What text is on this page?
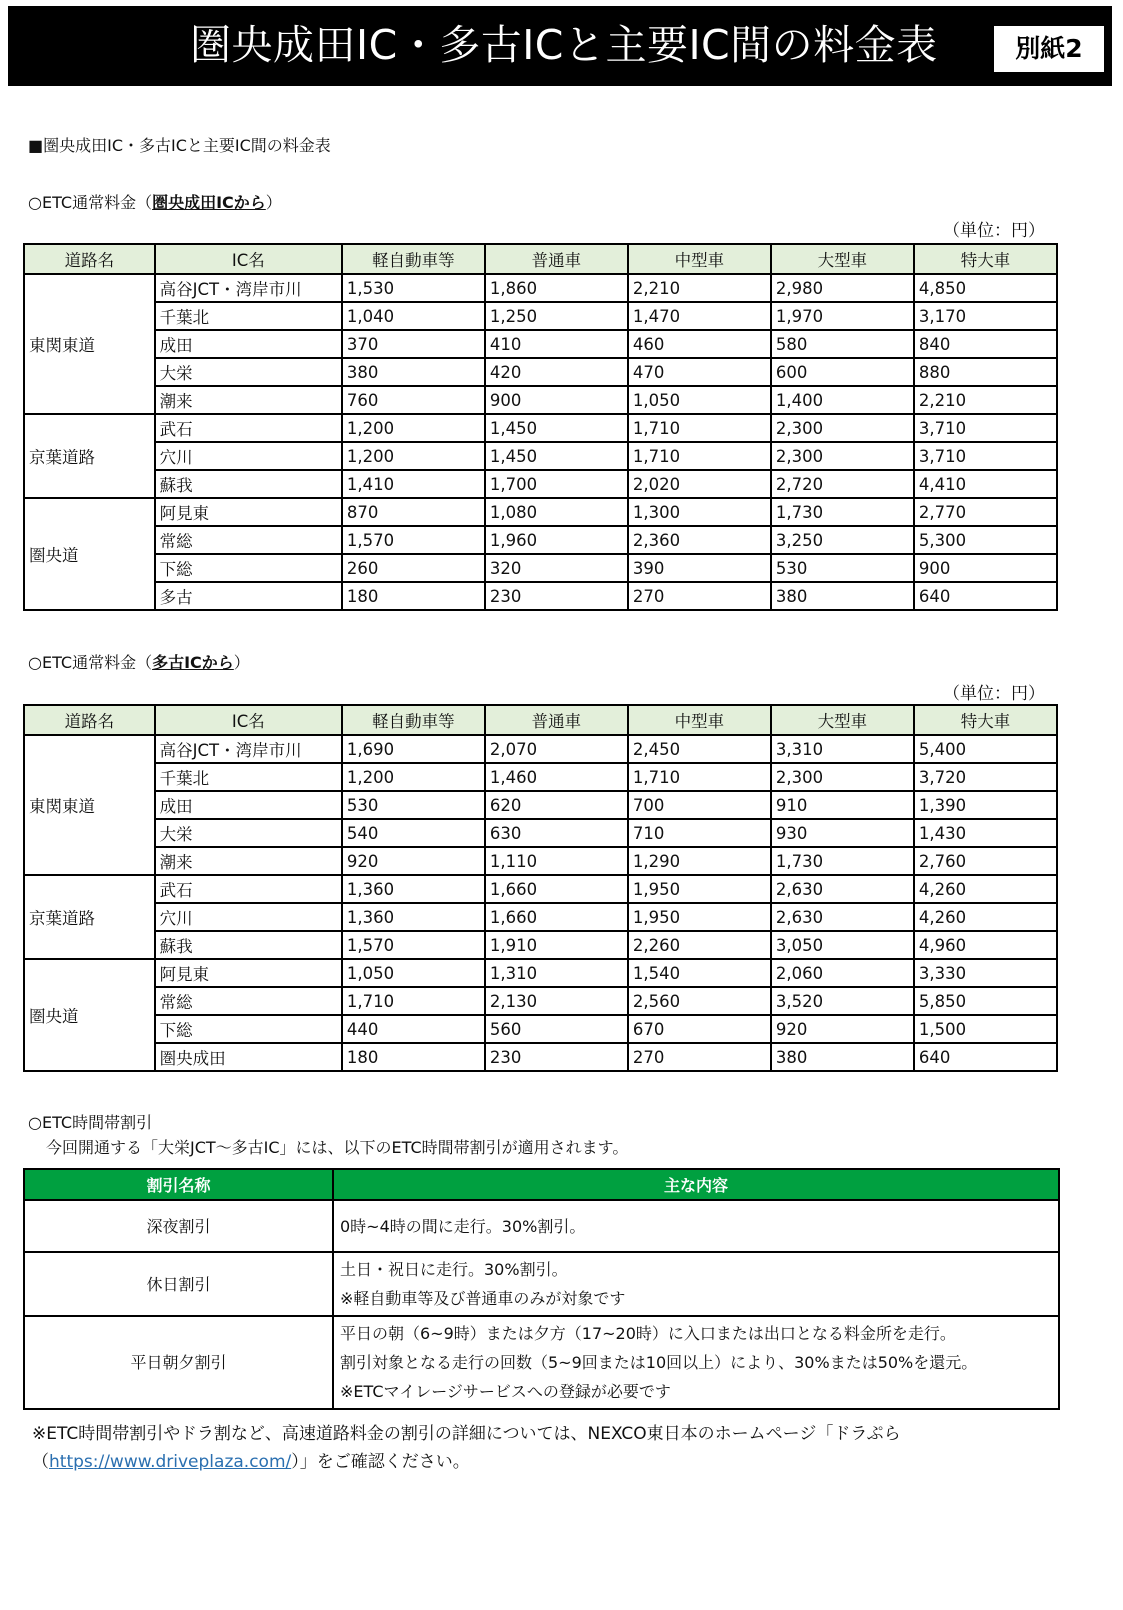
圏央成田IC・多古ICと主要IC間の料金表	別紙2
■圏央成田IC・多古ICと主要IC間の料金表
○ETC通常料金（圏央成田ICから）
（単位：円）
道路名	IC名	軽自動車等	普通車	中型車	大型車	特大車
東関東道	高谷JCT・湾岸市川	1,530	1,860	2,210	2,980	4,850
	千葉北	1,040	1,250	1,470	1,970	3,170
	成田	370	410	460	580	840
	大栄	380	420	470	600	880
	潮来	760	900	1,050	1,400	2,210
京葉道路	武石	1,200	1,450	1,710	2,300	3,710
	穴川	1,200	1,450	1,710	2,300	3,710
	蘇我	1,410	1,700	2,020	2,720	4,410
圏央道	阿見東	870	1,080	1,300	1,730	2,770
	常総	1,570	1,960	2,360	3,250	5,300
	下総	260	320	390	530	900
	多古	180	230	270	380	640
○ETC通常料金（多古ICから）
（単位：円）
道路名	IC名	軽自動車等	普通車	中型車	大型車	特大車
東関東道	高谷JCT・湾岸市川	1,690	2,070	2,450	3,310	5,400
	千葉北	1,200	1,460	1,710	2,300	3,720
	成田	530	620	700	910	1,390
	大栄	540	630	710	930	1,430
	潮来	920	1,110	1,290	1,730	2,760
京葉道路	武石	1,360	1,660	1,950	2,630	4,260
	穴川	1,360	1,660	1,950	2,630	4,260
	蘇我	1,570	1,910	2,260	3,050	4,960
圏央道	阿見東	1,050	1,310	1,540	2,060	3,330
	常総	1,710	2,130	2,560	3,520	5,850
	下総	440	560	670	920	1,500
	圏央成田	180	230	270	380	640
○ETC時間帯割引
今回開通する「大栄JCT～多古IC」には、以下のETC時間帯割引が適用されます。
割引名称	主な内容
深夜割引	0時~4時の間に走行。30%割引。

休日割引	土日・祝日に走行。30%割引。
※軽自動車等及び普通車のみが対象です

平日朝夕割引	平日の朝（6~9時）または夕方（17~20時）に入口または出口となる料金所を走行。
割引対象となる走行の回数（5~9回または10回以上）により、30%または50%を還元。
※ETCマイレージサービスへの登録が必要です
※ETC時間帯割引やドラ割など、高速道路料金の割引の詳細については、NEXCO東日本のホームページ「ドラぷら
（https://www.driveplaza.com/）」をご確認ください。
